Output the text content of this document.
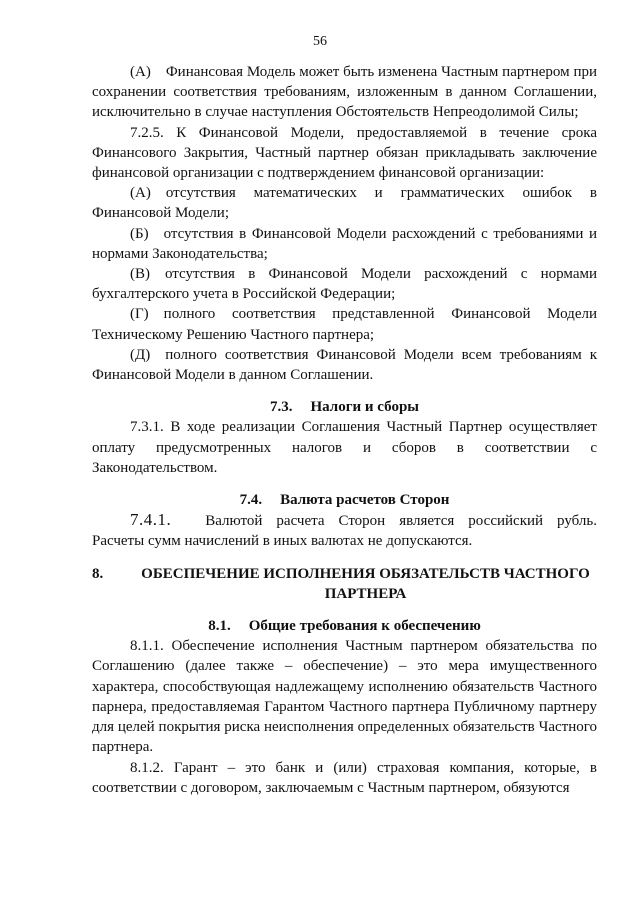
56

(А) Финансовая Модель может быть изменена Частным партнером при сохранении соответствия требованиям, изложенным в данном Соглашении, исключительно в случае наступления Обстоятельств Непреодолимой Силы;

7.2.5. К Финансовой Модели, предоставляемой в течение срока Финансового Закрытия, Частный партнер обязан прикладывать заключение финансовой организации с подтверждением финансовой организации:

(А) отсутствия математических и грамматических ошибок в Финансовой Модели;

(Б) отсутствия в Финансовой Модели расхождений с требованиями и нормами Законодательства;

(В) отсутствия в Финансовой Модели расхождений с нормами бухгалтерского учета в Российской Федерации;

(Г) полного соответствия представленной Финансовой Модели Техническому Решению Частного партнера;

(Д) полного соответствия Финансовой Модели всем требованиям к Финансовой Модели в данном Соглашении.

7.3. Налоги и сборы

7.3.1. В ходе реализации Соглашения Частный Партнер осуществляет оплату предусмотренных налогов и сборов в соответствии с Законодательством.

7.4. Валюта расчетов Сторон

7.4.1. Валютой расчета Сторон является российский рубль. Расчеты сумм начислений в иных валютах не допускаются.

8.	ОБЕСПЕЧЕНИЕ ИСПОЛНЕНИЯ ОБЯЗАТЕЛЬСТВ ЧАСТНОГО ПАРТНЕРА
8.1. Общие требования к обеспечению

8.1.1. Обеспечение исполнения Частным партнером обязательства по Соглашению (далее также – обеспечение) – это мера имущественного характера, способствующая надлежащему исполнению обязательств Частного парнера, предоставляемая Гарантом Частного партнера Публичному партнеру для целей покрытия риска неисполнения определенных обязательств Частного партнера.

8.1.2. Гарант – это банк и (или) страховая компания, которые, в соответствии с договором, заключаемым с Частным партнером, обязуются
